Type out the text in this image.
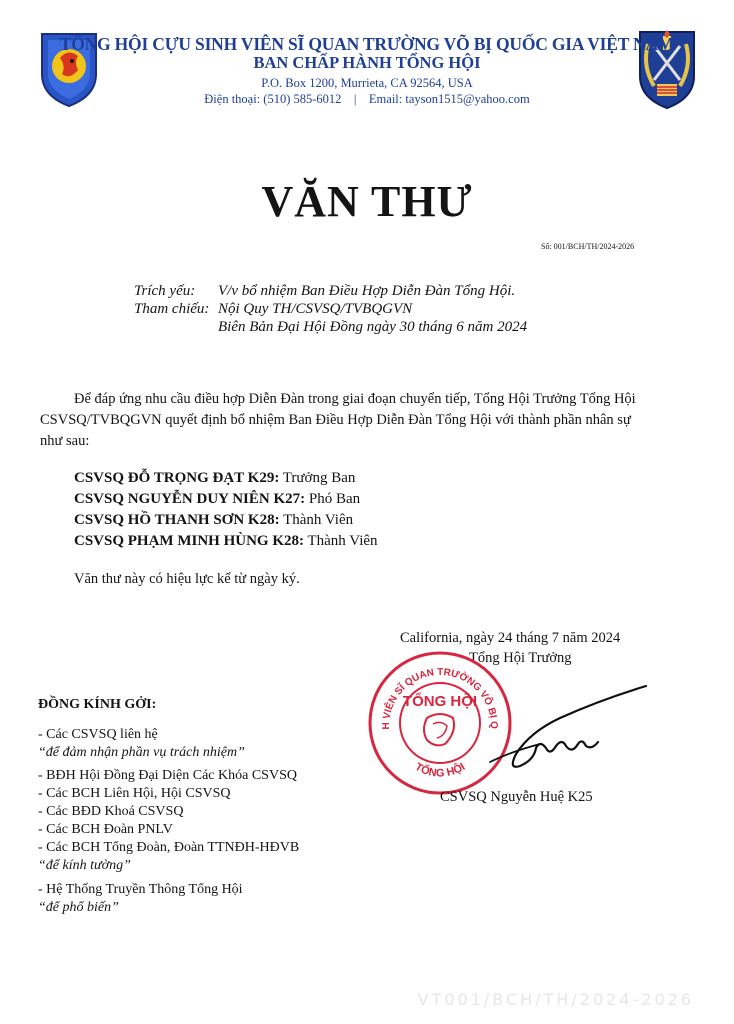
TỔNG HỘI CỰU SINH VIÊN SĨ QUAN TRƯỜNG VÕ BỊ QUỐC GIA VIỆT NAM
BAN CHẤP HÀNH TỔNG HỘI
P.O. Box 1200, Murrieta, CA 92564, USA
Điện thoại: (510) 585-6012    |    Email: tayson1515@yahoo.com
VĂN THƯ
Số: 001/BCH/TH/2024-2026
Trích yếu: V/v bổ nhiệm Ban Điều Hợp Diễn Đàn Tổng Hội.
Tham chiếu: Nội Quy TH/CSVSQ/TVBQGVN
Biên Bản Đại Hội Đồng ngày 30 tháng 6 năm 2024
Để đáp ứng nhu cầu điều hợp Diễn Đàn trong giai đoạn chuyển tiếp, Tổng Hội Trưởng Tổng Hội
CSVSQ/TVBQGVN quyết định bổ nhiệm Ban Điều Hợp Diễn Đàn Tổng Hội với thành phần nhân sự
như sau:
CSVSQ ĐỖ TRỌNG ĐẠT K29: Trưởng Ban
CSVSQ NGUYỄN DUY NIÊN K27: Phó Ban
CSVSQ HỒ THANH SƠN K28: Thành Viên
CSVSQ PHẠM MINH HÙNG K28: Thành Viên
Văn thư này có hiệu lực kể từ ngày ký.
California, ngày 24 tháng 7 năm 2024
Tổng Hội Trưởng
H VIÊN SĨ QUAN TRƯỜNG VÕ BỊ Q
TỔNG HỘI
TỔNG HỘI
CSVSQ Nguyễn Huệ K25
ĐỒNG KÍNH GỞI:
- Các CSVSQ liên hệ
“để đảm nhận phần vụ trách nhiệm”
- BĐH Hội Đồng Đại Diện Các Khóa CSVSQ
- Các BCH Liên Hội, Hội CSVSQ
- Các BĐD Khoá CSVSQ
- Các BCH Đoàn PNLV
- Các BCH Tổng Đoàn, Đoàn TTNĐH-HĐVB
“để kính tường”
- Hệ Thống Truyền Thông Tổng Hội
“để phổ biến”
VT001/BCH/TH/2024-2026
